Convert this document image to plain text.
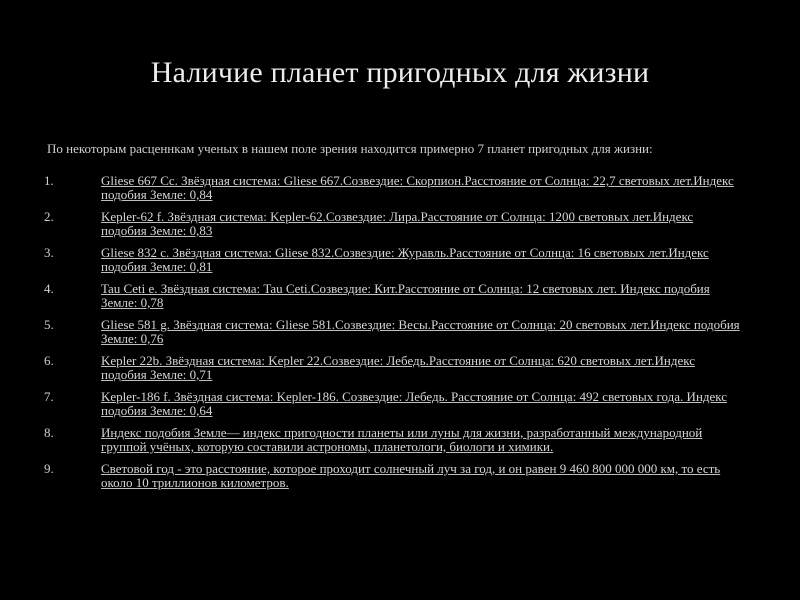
Наличие планет пригодных для жизни
По некоторым расценнкам ученых в нашем поле зрения находится примерно 7 планет пригодных для жизни:
1.	Gliese 667 Cc. Звёздная система: Gliese 667.Созвездие: Скорпион.Расстояние от Солнца: 22,7 световых лет.Индекс подобия Земле: 0,84
2.	Kepler-62 f. Звёздная система: Kepler-62.Созвездие: Лира.Расстояние от Солнца: 1200 световых лет.Индекс подобия Земле: 0,83
3.	Gliese 832 c. Звёздная система: Gliese 832.Созвездие: Журавль.Расстояние от Солнца: 16 световых лет.Индекс подобия Земле: 0,81
4.	Tau Ceti e. Звёздная система: Tau Ceti.Созвездие: Кит.Расстояние от Солнца: 12 световых лет. Индекс подобия Земле: 0,78
5.	Gliese 581 g. Звёздная система: Gliese 581.Созвездие: Весы.Расстояние от Солнца: 20 световых лет.Индекс подобия Земле: 0,76
6.	Kepler 22b. Звёздная система: Kepler 22.Созвездие: Лебедь.Расстояние от Солнца: 620 световых лет.Индекс подобия Земле: 0,71
7.	Kepler-186 f. Звёздная система: Kepler-186. Созвездие: Лебедь. Расстояние от Солнца: 492 световых года. Индекс подобия Земле: 0,64
8.	Индекс подобия Земле— индекс пригодности планеты или луны для жизни, разработанный международной группой учёных, которую составили астрономы, планетологи, биологи и химики.
9.	Световой год - это расстояние, которое проходит солнечный луч за год, и он равен 9 460 800 000 000 км, то есть около 10 триллионов километров.
